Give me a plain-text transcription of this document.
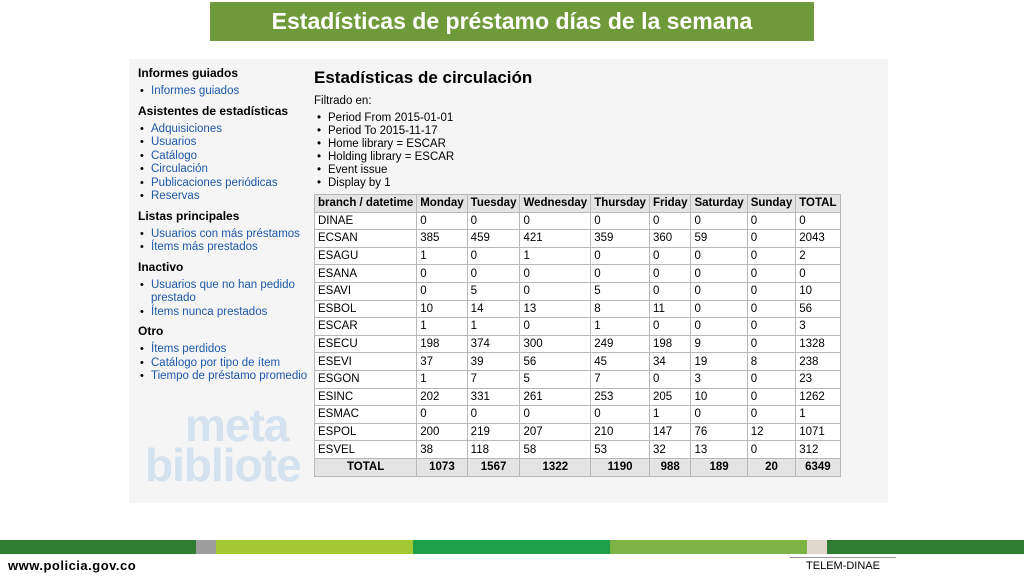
Estadísticas de préstamo días de la semana
meta
bibliote
Informes guiados
• Informes guiados
Asistentes de estadísticas
• Adquisiciones
• Usuarios
• Catálogo
• Circulación
• Publicaciones periódicas
• Reservas
Listas principales
• Usuarios con más préstamos
• Ítems más prestados
Inactivo
• Usuarios que no han pedido prestado
• Ítems nunca prestados
Otro
• Ítems perdidos
• Catálogo por tipo de ítem
• Tiempo de préstamo promedio
Estadísticas de circulación
Filtrado en:
• Period From 2015-01-01
• Period To 2015-11-17
• Home library = ESCAR
• Holding library = ESCAR
• Event issue
• Display by 1
branch / datetime	Monday	Tuesday	Wednesday	Thursday	Friday	Saturday	Sunday	TOTAL
DINAE	0	0	0	0	0	0	0	0
ECSAN	385	459	421	359	360	59	0	2043
ESAGU	1	0	1	0	0	0	0	2
ESANA	0	0	0	0	0	0	0	0
ESAVI	0	5	0	5	0	0	0	10
ESBOL	10	14	13	8	11	0	0	56
ESCAR	1	1	0	1	0	0	0	3
ESECU	198	374	300	249	198	9	0	1328
ESEVI	37	39	56	45	34	19	8	238
ESGON	1	7	5	7	0	3	0	23
ESINC	202	331	261	253	205	10	0	1262
ESMAC	0	0	0	0	1	0	0	1
ESPOL	200	219	207	210	147	76	12	1071
ESVEL	38	118	58	53	32	13	0	312
TOTAL	1073	1567	1322	1190	988	189	20	6349
www.policia.gov.co	TELEM-DINAE
